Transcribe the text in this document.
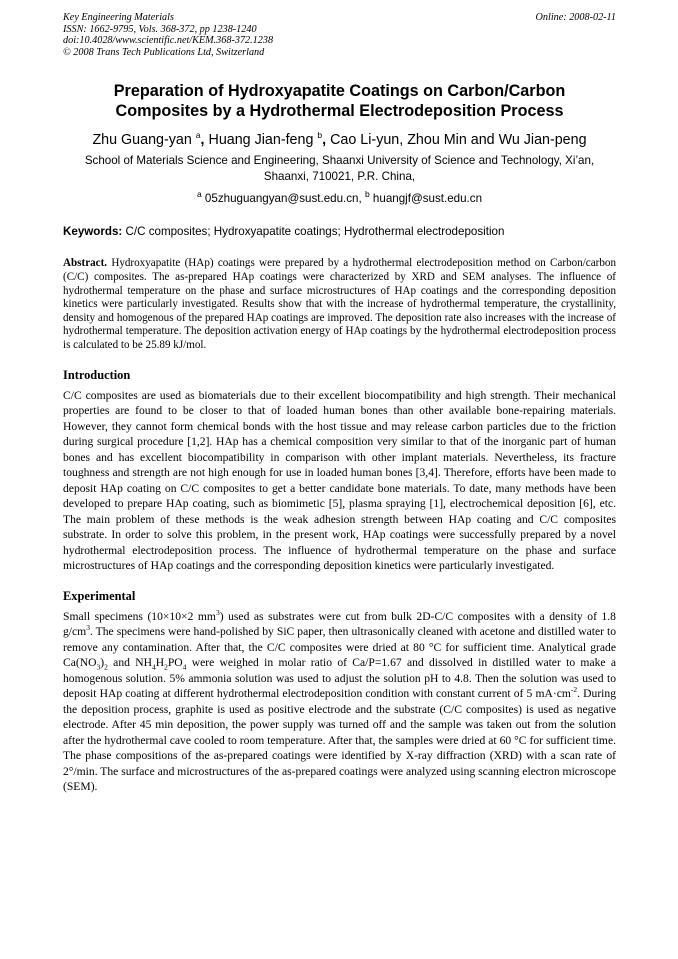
Key Engineering Materials
ISSN: 1662-9795, Vols. 368-372, pp 1238-1240
doi:10.4028/www.scientific.net/KEM.368-372.1238
© 2008 Trans Tech Publications Ltd, Switzerland
Online: 2008-02-11
Preparation of Hydroxyapatite Coatings on Carbon/Carbon
Composites by a Hydrothermal Electrodeposition Process
Zhu Guang-yan $^a$, Huang Jian-feng $^b$, Cao Li-yun, Zhou Min and Wu Jian-peng
School of Materials Science and Engineering, Shaanxi University of Science and Technology, Xi’an,
Shaanxi, 710021, P.R. China,
$^a$ 05zhuguangyan@sust.edu.cn, $^b$ huangjf@sust.edu.cn
Keywords: C/C composites; Hydroxyapatite coatings; Hydrothermal electrodeposition
Abstract. Hydroxyapatite (HAp) coatings were prepared by a hydrothermal electrodeposition method on Carbon/carbon (C/C) composites. The as-prepared HAp coatings were characterized by XRD and SEM analyses. The influence of hydrothermal temperature on the phase and surface microstructures of HAp coatings and the corresponding deposition kinetics were particularly investigated. Results show that with the increase of hydrothermal temperature, the crystallinity, density and homogenous of the prepared HAp coatings are improved. The deposition rate also increases with the increase of hydrothermal temperature. The deposition activation energy of HAp coatings by the hydrothermal electrodeposition process is calculated to be 25.89 kJ/mol.
Introduction
C/C composites are used as biomaterials due to their excellent biocompatibility and high strength. Their mechanical properties are found to be closer to that of loaded human bones than other available bone-repairing materials. However, they cannot form chemical bonds with the host tissue and may release carbon particles due to the friction during surgical procedure [1,2]. HAp has a chemical composition very similar to that of the inorganic part of human bones and has excellent biocompatibility in comparison with other implant materials. Nevertheless, its fracture toughness and strength are not high enough for use in loaded human bones [3,4]. Therefore, efforts have been made to deposit HAp coating on C/C composites to get a better candidate bone materials. To date, many methods have been developed to prepare HAp coating, such as biomimetic [5], plasma spraying [1], electrochemical deposition [6], etc. The main problem of these methods is the weak adhesion strength between HAp coating and C/C composites substrate. In order to solve this problem, in the present work, HAp coatings were successfully prepared by a novel hydrothermal electrodeposition process. The influence of hydrothermal temperature on the phase and surface microstructures of HAp coatings and the corresponding deposition kinetics were particularly investigated.
Experimental
Small specimens (10×10×2 $mm^3$) used as substrates were cut from bulk 2D-C/C composites with a density of 1.8 $g/cm^3$. The specimens were hand-polished by SiC paper, then ultrasonically cleaned with acetone and distilled water to remove any contamination. After that, the C/C composites were dried at 80 °C for sufficient time. Analytical grade $Ca(NO_3)_2$ and $NH_4H_2PO_4$ were weighed in molar ratio of Ca/P=1.67 and dissolved in distilled water to make a homogenous solution. 5% ammonia solution was used to adjust the solution pH to 4.8. Then the solution was used to deposit HAp coating at different hydrothermal electrodeposition condition with constant current of 5 $mA\cdot cm^{-2}$. During the deposition process, graphite is used as positive electrode and the substrate (C/C composites) is used as negative electrode. After 45 min deposition, the power supply was turned off and the sample was taken out from the solution after the hydrothermal cave cooled to room temperature. After that, the samples were dried at 60 °C for sufficient time. The phase compositions of the as-prepared coatings were identified by X-ray diffraction (XRD) with a scan rate of 2°/min. The surface and microstructures of the as-prepared coatings were analyzed using scanning electron microscope (SEM).
